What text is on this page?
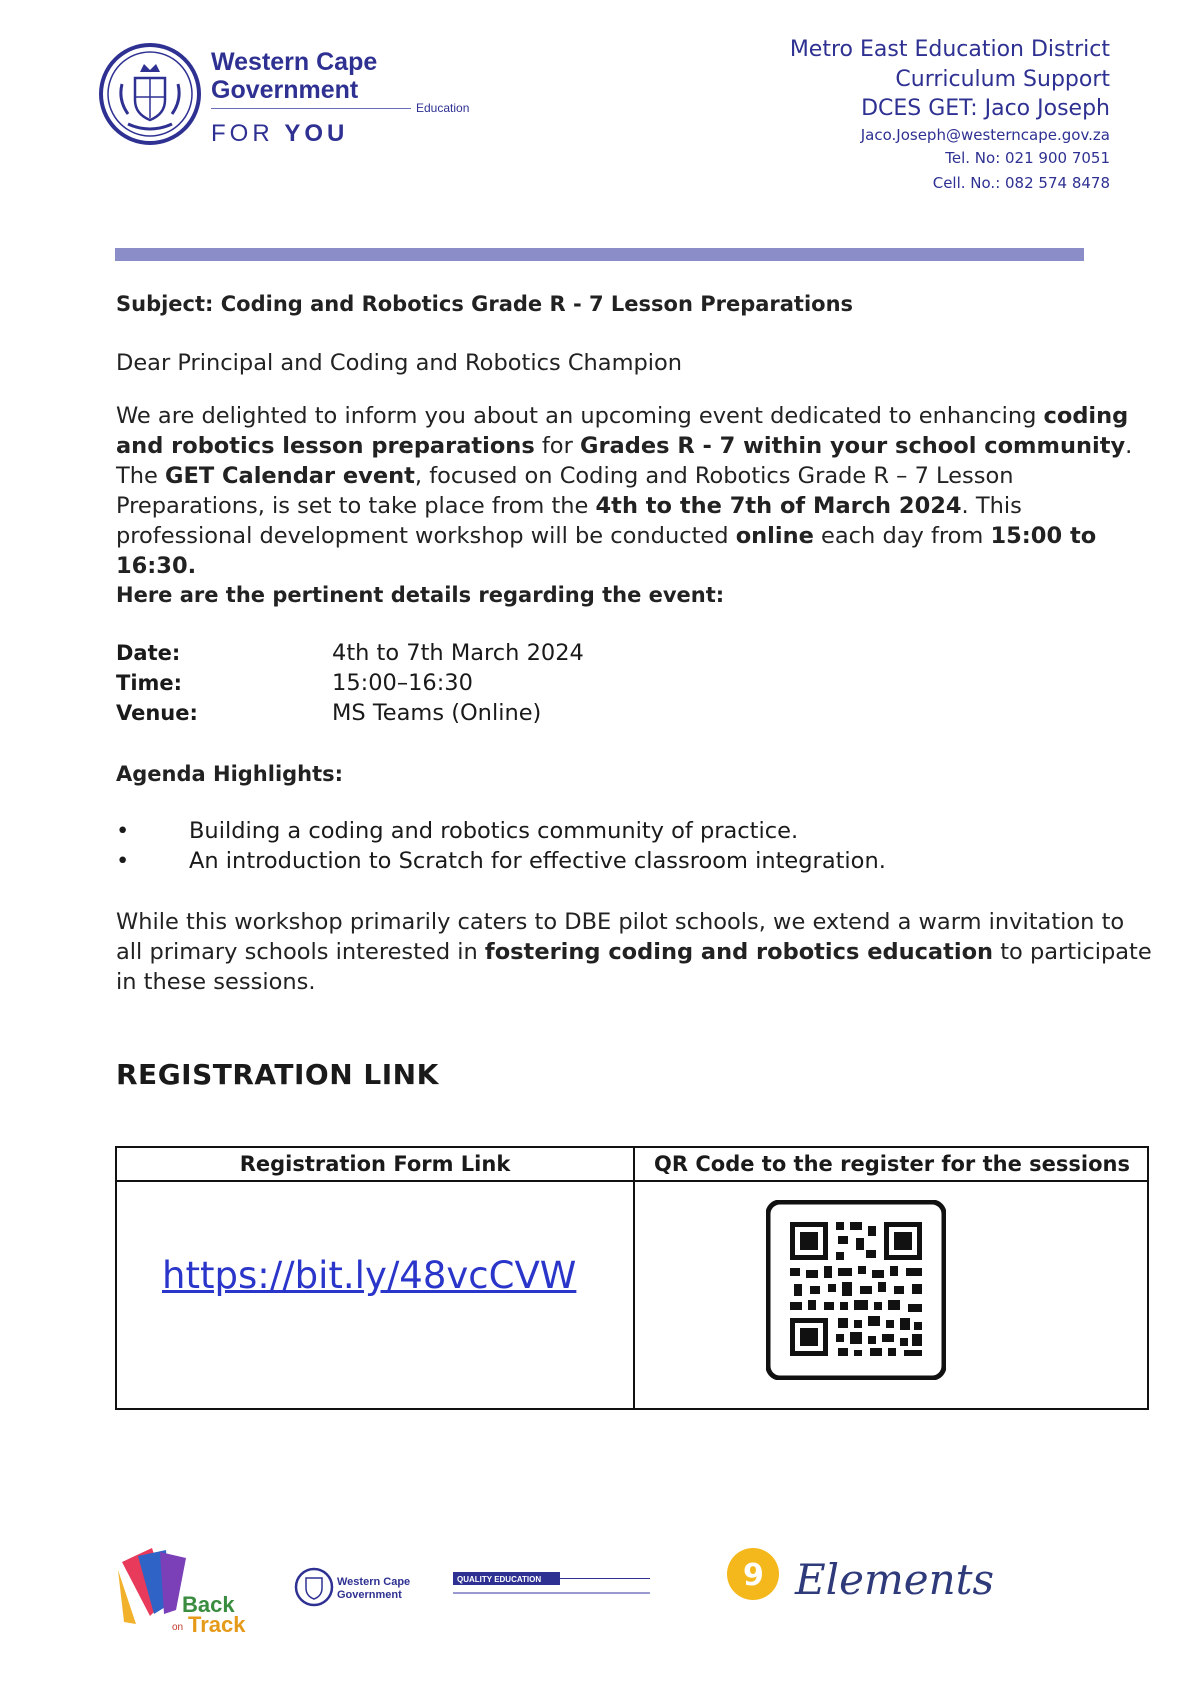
Western Cape
Government
Education
FOR YOU
Metro East Education District
Curriculum Support
DCES GET: Jaco Joseph
Jaco.Joseph@westerncape.gov.za
Tel. No: 021 900 7051
Cell. No.: 082 574 8478
Subject: Coding and Robotics Grade R - 7 Lesson Preparations
Dear Principal and Coding and Robotics Champion
We are delighted to inform you about an upcoming event dedicated to enhancing coding and robotics lesson preparations for Grades R - 7 within your school community. The GET Calendar event, focused on Coding and Robotics Grade R – 7 Lesson Preparations, is set to take place from the 4th to the 7th of March 2024. This professional development workshop will be conducted online each day from 15:00 to 16:30.
Here are the pertinent details regarding the event:
Date:	4th to 7th March 2024
Time:	15:00–16:30
Venue:	MS Teams (Online)
Agenda Highlights:
•	Building a coding and robotics community of practice.
•	An introduction to Scratch for effective classroom integration.
While this workshop primarily caters to DBE pilot schools, we extend a warm invitation to all primary schools interested in fostering coding and robotics education to participate in these sessions.
REGISTRATION LINK
Registration Form Link	QR Code to the register for the sessions
https://bit.ly/48vcCVW
Back
on Track
Western Cape
Government
QUALITY EDUCATION	9 Elements
